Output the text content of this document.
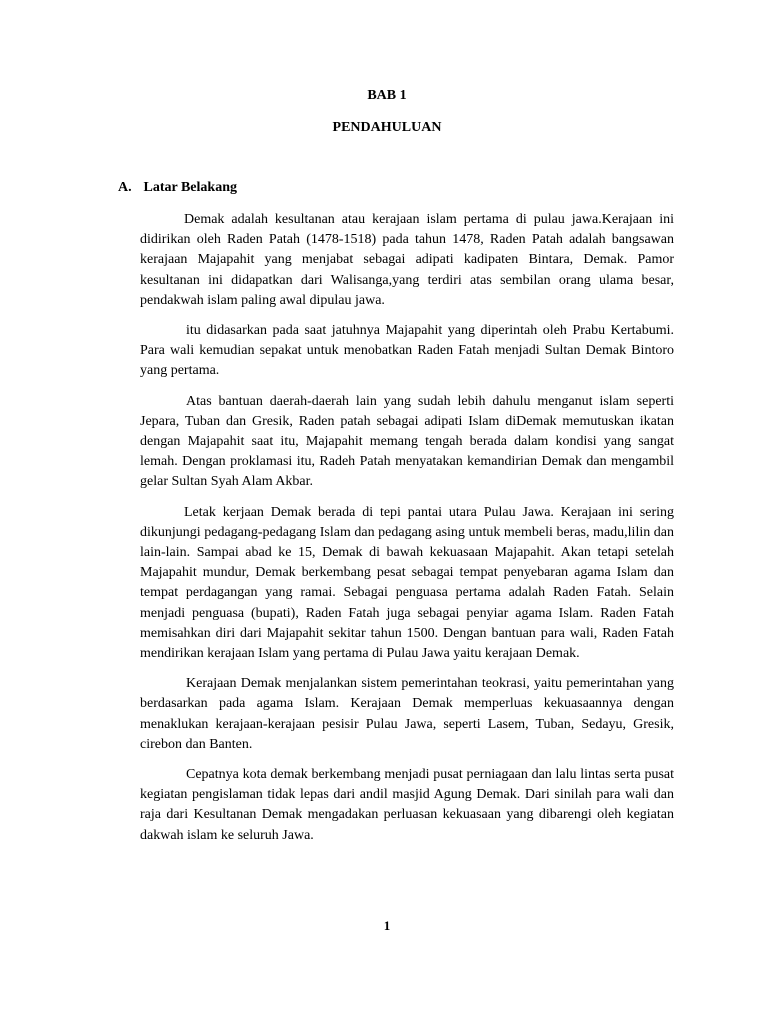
BAB 1
PENDAHULUAN
A. Latar Belakang

Demak adalah kesultanan atau kerajaan islam pertama di pulau jawa.Kerajaan ini didirikan oleh Raden Patah (1478-1518) pada tahun 1478, Raden Patah adalah bangsawan kerajaan Majapahit yang menjabat sebagai adipati kadipaten Bintara, Demak. Pamor kesultanan ini didapatkan dari Walisanga,yang terdiri atas sembilan orang ulama besar, pendakwah islam paling awal dipulau jawa.

itu didasarkan pada saat jatuhnya Majapahit yang diperintah oleh Prabu Kertabumi. Para wali kemudian sepakat untuk menobatkan Raden Fatah menjadi Sultan Demak Bintoro yang pertama.

Atas bantuan daerah-daerah lain yang sudah lebih dahulu menganut islam seperti Jepara, Tuban dan Gresik, Raden patah sebagai adipati Islam diDemak memutuskan ikatan dengan Majapahit saat itu, Majapahit memang tengah berada dalam kondisi yang sangat lemah. Dengan proklamasi itu, Radeh Patah menyatakan kemandirian Demak dan mengambil gelar Sultan Syah Alam Akbar.

Letak kerjaan Demak berada di tepi pantai utara Pulau Jawa. Kerajaan ini sering dikunjungi pedagang-pedagang Islam dan pedagang asing untuk membeli beras, madu,lilin dan lain-lain. Sampai abad ke 15, Demak di bawah kekuasaan Majapahit. Akan tetapi setelah Majapahit mundur, Demak berkembang pesat sebagai tempat penyebaran agama Islam dan tempat perdagangan yang ramai. Sebagai penguasa pertama adalah Raden Fatah. Selain menjadi penguasa (bupati), Raden Fatah juga sebagai penyiar agama Islam. Raden Fatah memisahkan diri dari Majapahit sekitar tahun 1500. Dengan bantuan para wali, Raden Fatah mendirikan kerajaan Islam yang pertama di Pulau Jawa yaitu kerajaan Demak.

Kerajaan Demak menjalankan sistem pemerintahan teokrasi, yaitu pemerintahan yang berdasarkan pada agama Islam. Kerajaan Demak memperluas kekuasaannya dengan menaklukan kerajaan-kerajaan pesisir Pulau Jawa, seperti Lasem, Tuban, Sedayu, Gresik, cirebon dan Banten.

Cepatnya kota demak berkembang menjadi pusat perniagaan dan lalu lintas serta pusat kegiatan pengislaman tidak lepas dari andil masjid Agung Demak. Dari sinilah para wali dan raja dari Kesultanan Demak mengadakan perluasan kekuasaan yang dibarengi oleh kegiatan dakwah islam ke seluruh Jawa.

1
